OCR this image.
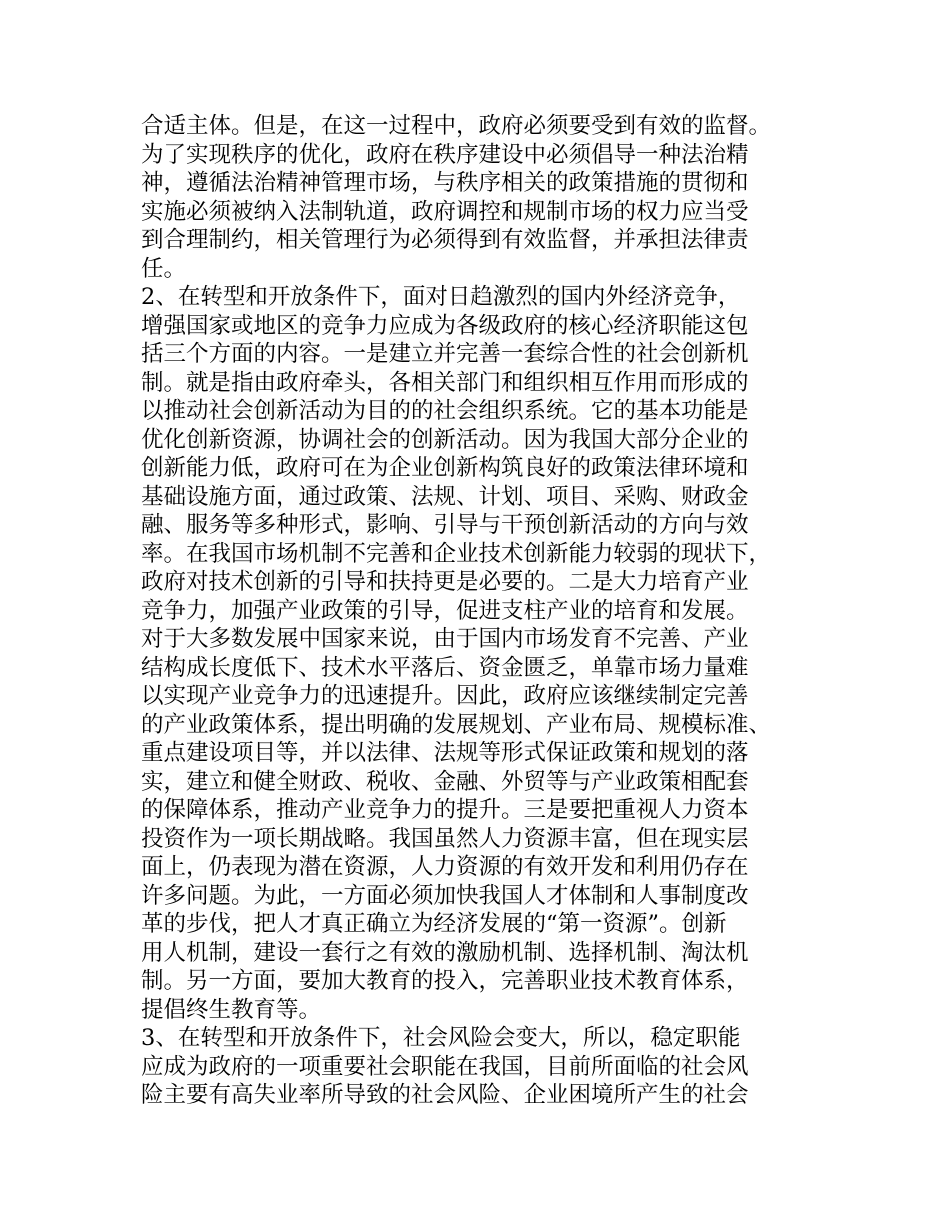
合适主体。但是，在这一过程中，政府必须要受到有效的监督。
为了实现秩序的优化，政府在秩序建设中必须倡导一种法治精
神，遵循法治精神管理市场，与秩序相关的政策措施的贯彻和
实施必须被纳入法制轨道，政府调控和规制市场的权力应当受
到合理制约，相关管理行为必须得到有效监督，并承担法律责
任。
2、在转型和开放条件下，面对日趋激烈的国内外经济竞争，
增强国家或地区的竞争力应成为各级政府的核心经济职能这包
括三个方面的内容。一是建立并完善一套综合性的社会创新机
制。就是指由政府牵头，各相关部门和组织相互作用而形成的
以推动社会创新活动为目的的社会组织系统。它的基本功能是
优化创新资源，协调社会的创新活动。因为我国大部分企业的
创新能力低，政府可在为企业创新构筑良好的政策法律环境和
基础设施方面，通过政策、法规、计划、项目、采购、财政金
融、服务等多种形式，影响、引导与干预创新活动的方向与效
率。在我国市场机制不完善和企业技术创新能力较弱的现状下，
政府对技术创新的引导和扶持更是必要的。二是大力培育产业
竞争力，加强产业政策的引导，促进支柱产业的培育和发展。
对于大多数发展中国家来说，由于国内市场发育不完善、产业
结构成长度低下、技术水平落后、资金匮乏，单靠市场力量难
以实现产业竞争力的迅速提升。因此，政府应该继续制定完善
的产业政策体系，提出明确的发展规划、产业布局、规模标准、
重点建设项目等，并以法律、法规等形式保证政策和规划的落
实，建立和健全财政、税收、金融、外贸等与产业政策相配套
的保障体系，推动产业竞争力的提升。三是要把重视人力资本
投资作为一项长期战略。我国虽然人力资源丰富，但在现实层
面上，仍表现为潜在资源，人力资源的有效开发和利用仍存在
许多问题。为此，一方面必须加快我国人才体制和人事制度改
革的步伐，把人才真正确立为经济发展的“第一资源”。创新
用人机制，建设一套行之有效的激励机制、选择机制、淘汰机
制。另一方面，要加大教育的投入，完善职业技术教育体系，
提倡终生教育等。
3、在转型和开放条件下，社会风险会变大，所以，稳定职能
应成为政府的一项重要社会职能在我国，目前所面临的社会风
险主要有高失业率所导致的社会风险、企业困境所产生的社会
